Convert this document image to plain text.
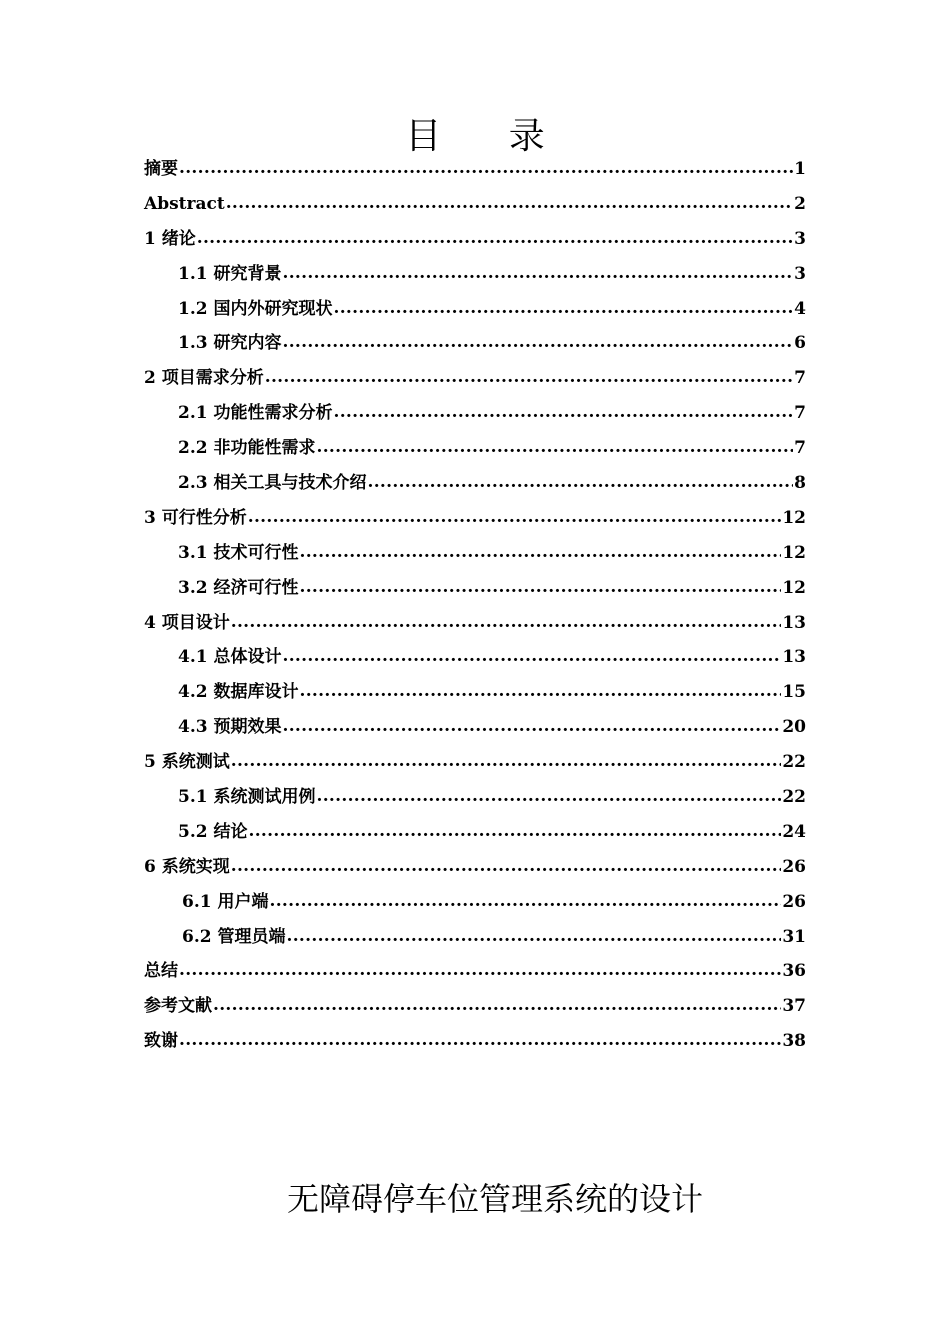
目 录
摘要 .....	1
Abstract .....	2
1 绪论 .....	3
1.1 研究背景 .....	3
1.2 国内外研究现状 .....	4
1.3 研究内容 .....	6
2 项目需求分析 .....	7
2.1 功能性需求分析 .....	7
2.2 非功能性需求 .....	7
2.3 相关工具与技术介绍 .....	8
3 可行性分析 .....	12
3.1 技术可行性 .....	12
3.2 经济可行性 .....	12
4 项目设计 .....	13
4.1 总体设计 .....	13
4.2 数据库设计 .....	15
4.3 预期效果 .....	20
5 系统测试 .....	22
5.1 系统测试用例 .....	22
5.2 结论 .....	24
6 系统实现 .....	26
6.1 用户端 .....	26
6.2 管理员端 .....	31
总结 .....	36
参考文献 .....	37
致谢 .....	38
无障碍停车位管理系统的设计
